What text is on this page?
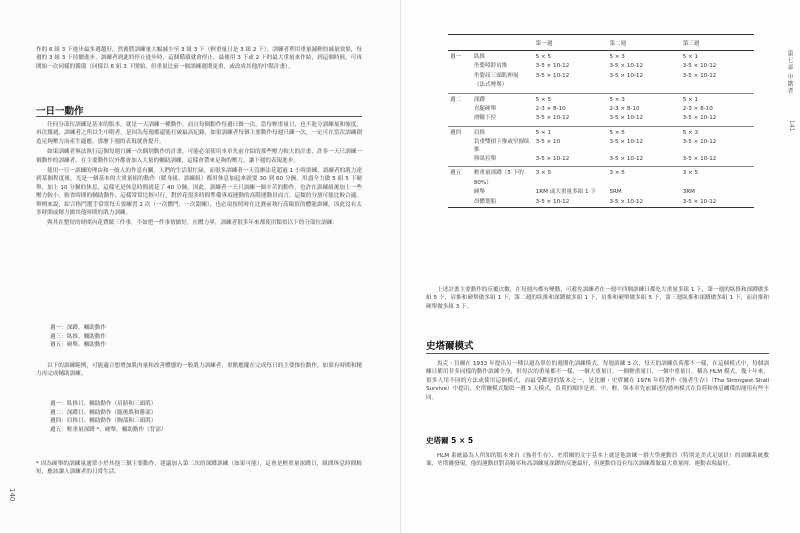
作的 6 組 3 下進步最多週越好，然後將訓練量大幅減少至 3 組 3 下（輕重量日是 3 組 2 下）。訓練者利用重量減輕的減量效果，每週的 3 組 3 下持續進步，訓練者到此時停止進步時，這個循環就會停止，最後用 3 下或 2 下的最大重量來作結，到這個時候，可再開始一次同樣的循環（同樣以 6 組 3 下開始，但重量比前一個訓練週期更重，或改成其他的中階計畫）。

一日一動作

任何分部位訓練是基本的版本，就是一天訓練一種動作，而且每個動作每週只做一次，當每輕重量日，也不進分訓練量和強度，再次幾週，訓練者之所以生中階者，是因為每週都還能打破最高紀錄，如果訓練者每個主要動作每週只練一次，一定可在當次訓練創造足夠壓力而產生適應，那麼下週的表現就會提升。

如果訓練者無法執行這個每週只練一次個別動作的計畫，可能必須使用本章先前介紹的那些壓力較大的計畫，許多一天只訓練一個動作的訓練者，在主要動作以外都會加入大量的輔助訓練，這樣會帶來足夠的壓力，讓下週的表現進步。

使用一日一訓練的理由和一般人的作息有關。人們的生活很忙碌，而很多訓練者一天沒辦法花超過 1 小時訓練。訓練者的肌力達到某個程度後，光是一個基本的大重量組的動作（暖身組、訓練組）都用休息加起來就要 30 到 60 分鐘。用盡全力做 5 組 5 下硬舉，加上 10 分鐘的休息，這樣光是休息時間就花了 40 分鐘。因此，訓練者一天只訓練一個辛苦的動作，也許在訓練組後加上一些壓力較小、較省時間的輔助動作，這樣常常比較可行，對於花很多時間準備專項運動的高階運動員而言，這類的分割可能比較合適。舉例來說，綜合格鬥選手常常每天要練習 2 次（一次體門、一次甜練），也必須按照時在比賽前執行高陽值的體能訓練，因此沒有太多時間或精力做其他時間的肌力訓練。

與其在整短的時間內花費做三件事，不如把一件事情做好，在體力界，訓練者很多年來都使用類似以下的分部位訓練：

週一：深蹲、輔助動作
週三：臥推、輔助動作
週五：硬舉、輔助動作

以下的訓練範例，可能適合想增加肌肉量和改善體態的一般肌力訓練者，重點應擺在完成每日的主要推拉動作，如果有時間和精力再完成輔助訓練。

週一：臥推日、輔助動作（肩膀和三頭肌）
週二：深蹲日、輔助動作（腿後肌和腓部）
週四：肩推日、輔助動作（胸部和三頭肌）
週五：輕重量深蹲 *、硬舉、輔助動作（背部）

* 因為硬舉的訓練量通常小於其他三個主要動作，建議加入第二次的深蹲訓練（如果可能），這會是輕重量深蹲日，組間休息時間較短，應該讓人訓練者的日常生活。

140
第七章 中階者
141
		第一週	第二週	第三週
週一	臥推	5 × 5	5 × 3	5 × 1
	坐姿啞鈴肩推	3-5 × 10-12	3-5 × 10-12	3-5 × 10-12
	坐姿屈三頭肌伸展	3-5 × 10-12	3-5 × 10-12	3-5 × 10-12
	（法式彎舉）			
週二	深蹲	5 × 5	5 × 3	5 × 1
	直腿硬舉	2-3 × 8-10	2-3 × 8-10	2-3 × 8-10
	滑輪下拉	3-5 × 10-12	3-5 × 10-12	3-5 × 10-12
週四	肩推	5 × 1	5 × 5	5 × 3
	負重雙槓下推或窄握臥推	3-5 × 10	3-5 × 10-12	3-5 × 10-12
	仰臥拉舉	3-5 × 10-12	3-5 × 10-12	3-5 × 10-12
週五	輕重量深蹲（5 下的	3 × 5	3 × 5	3 × 5
	80%）			
	硬舉	1RM 或大重量多組 1 下	5RM	3RM
	昂體划船	3-5 × 10-12	3-5 × 10-12	3-5 × 10-12

上述計畫主要動作的反覆次數，在每週內都有變動，可避免訓練者在一週中四個訓練日都吃大重量多組 1 下，第一週的臥推和深蹲做多組 5 下，肩推和硬舉做多組 1 下，第二週的臥推和深蹲做多組 1 下，肩推和硬舉做多組 5 下，第三週臥推和深蹲做多組 1 下，而肩推和硬舉做多組 3 下。

史塔爾模式

馬克・貝爾在 1933 年提出另一種以週為單位的週期化訓練模式，每週訓練 3 次，每天的訓練負荷都不一樣，在這個模式中，每個訓練日都用非多同樣的動作訓練全身，但每次的重量都不一樣，一個大重量日，一個輕重量日，一個中重量日，稱為 HLM 模式，幾十年來，很多人用不同的方法或使用這個模式，而最受歡迎的版本之一，是比爾・史塔爾在 1976 年的著作《強者生存》（The Strongest Shall Survive）中提出，史塔爾模式類似一週 3 天模式，負荷的順序是重、中、輕，與本章先前描述的德州模式在負荷和休息關係的運用有些不同。

史塔爾 5 × 5

HLM 系統最為人所知的版本來自《強者生存》，史塔爾的文字基本上就是他訓練一群大學運動員（特別是美式足球員）的訓練系統教案，史塔爾發現，他的運動員對高頻率和高訓練量深蹲的反應最好，但運動員沒有每次訓練都做最大重量時，運動表現最好。
